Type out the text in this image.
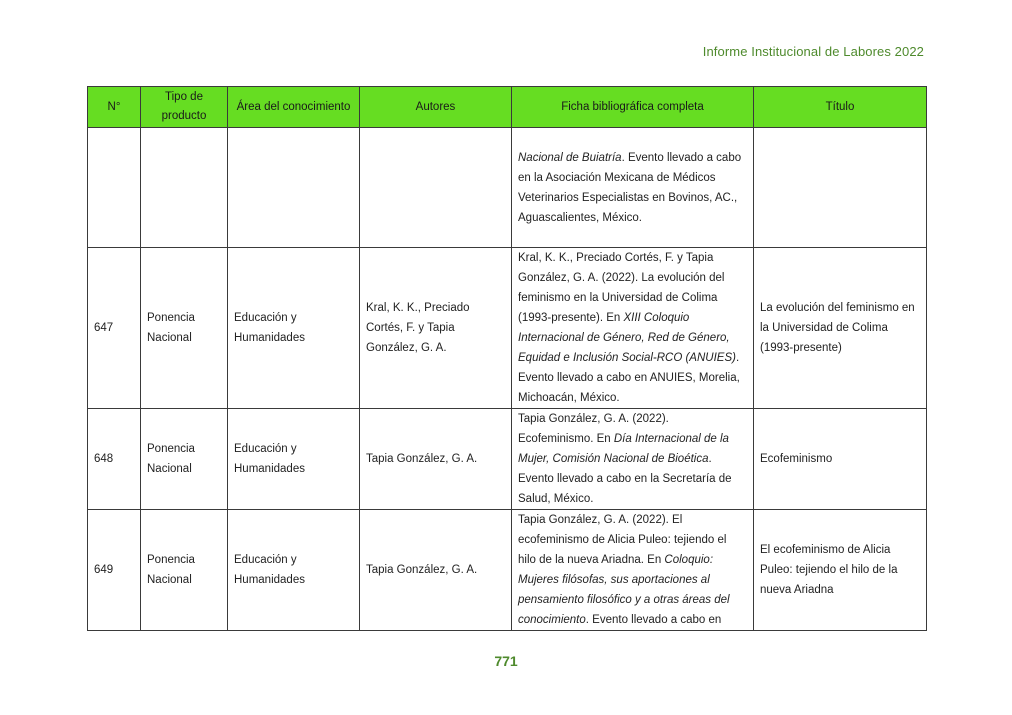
Informe Institucional de Labores 2022
N°	Tipo de producto	Área del conocimiento	Autores	Ficha bibliográfica completa	Título
				Nacional de Buiatría. Evento llevado a cabo en la Asociación Mexicana de Médicos Veterinarios Especialistas en Bovinos, AC., Aguascalientes, México.	
647	Ponencia Nacional	Educación y Humanidades	Kral, K. K., Preciado Cortés, F. y Tapia González, G. A.	Kral, K. K., Preciado Cortés, F. y Tapia González, G. A. (2022). La evolución del feminismo en la Universidad de Colima (1993-presente). En XIII Coloquio Internacional de Género, Red de Género, Equidad e Inclusión Social-RCO (ANUIES). Evento llevado a cabo en ANUIES, Morelia, Michoacán, México.	La evolución del feminismo en la Universidad de Colima (1993-presente)
648	Ponencia Nacional	Educación y Humanidades	Tapia González, G. A.	Tapia González, G. A. (2022). Ecofeminismo. En Día Internacional de la Mujer, Comisión Nacional de Bioética. Evento llevado a cabo en la Secretaría de Salud, México.	Ecofeminismo
649	Ponencia Nacional	Educación y Humanidades	Tapia González, G. A.	Tapia González, G. A. (2022). El ecofeminismo de Alicia Puleo: tejiendo el hilo de la nueva Ariadna. En Coloquio: Mujeres filósofas, sus aportaciones al pensamiento filosófico y a otras áreas del conocimiento. Evento llevado a cabo en	El ecofeminismo de Alicia Puleo: tejiendo el hilo de la nueva Ariadna
771
